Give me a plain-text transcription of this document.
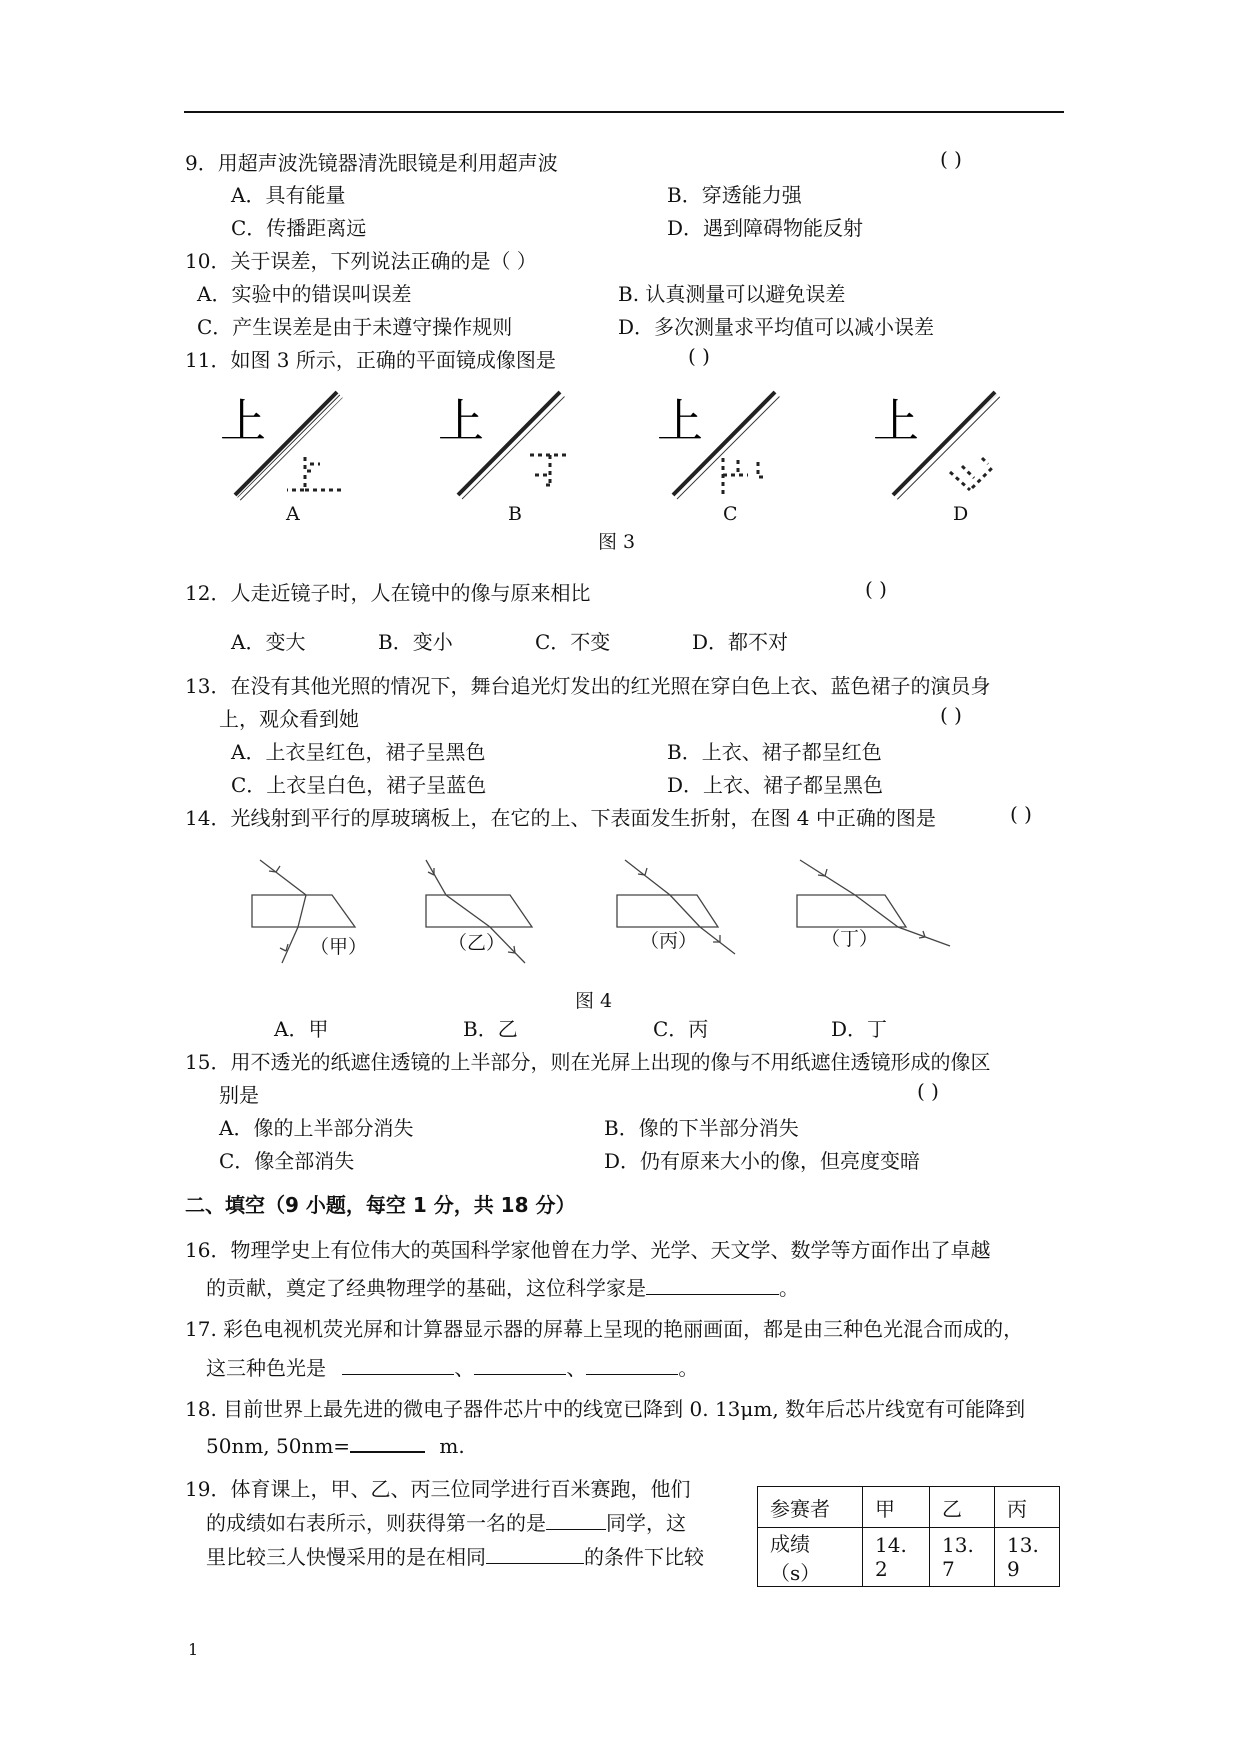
9．用超声波洗镜器清洗眼镜是利用超声波	( )
A．具有能量	B．穿透能力强
C．传播距离远	D．遇到障碍物能反射
10．关于误差，下列说法正确的是（ ）
A．实验中的错误叫误差	B. 认真测量可以避免误差
C．产生误差是由于未遵守操作规则	D．多次测量求平均值可以减小误差
11．如图 3 所示，正确的平面镜成像图是	( )
上	上	上	上
A	B	C	D
图 3
12．人走近镜子时，人在镜中的像与原来相比	( )
A．变大	B．变小	C．不变	D．都不对
13．在没有其他光照的情况下，舞台追光灯发出的红光照在穿白色上衣、蓝色裙子的演员身
上，观众看到她	( )
A．上衣呈红色，裙子呈黑色	B．上衣、裙子都呈红色
C．上衣呈白色，裙子呈蓝色	D．上衣、裙子都呈黑色
14．光线射到平行的厚玻璃板上，在它的上、下表面发生折射，在图 4 中正确的图是	( )
（甲）	（乙）	（丙）	（丁）
图 4
A．甲	B．乙	C．丙	D．丁
15．用不透光的纸遮住透镜的上半部分，则在光屏上出现的像与不用纸遮住透镜形成的像区
别是	( )
A．像的上半部分消失	B．像的下半部分消失
C．像全部消失	D．仍有原来大小的像，但亮度变暗
二、填空（9 小题，每空 1 分，共 18 分）
16．物理学史上有位伟大的英国科学家他曾在力学、光学、天文学、数学等方面作出了卓越
的贡献，奠定了经典物理学的基础，这位科学家是	。
17. 彩色电视机荧光屏和计算器显示器的屏幕上呈现的艳丽画面，都是由三种色光混合而成的，
这三种色光是	、	、	。
18. 目前世界上最先进的微电子器件芯片中的线宽已降到 0. 13μm, 数年后芯片线宽有可能降到
50nm, 50nm=	m.
19．体育课上，甲、乙、丙三位同学进行百米赛跑，他们
的成绩如右表所示，则获得第一名的是	同学，这
里比较三人快慢采用的是在相同	的条件下比较
参赛者	甲	乙	丙
成绩（s）	14. 2	13. 7	13. 9
1
